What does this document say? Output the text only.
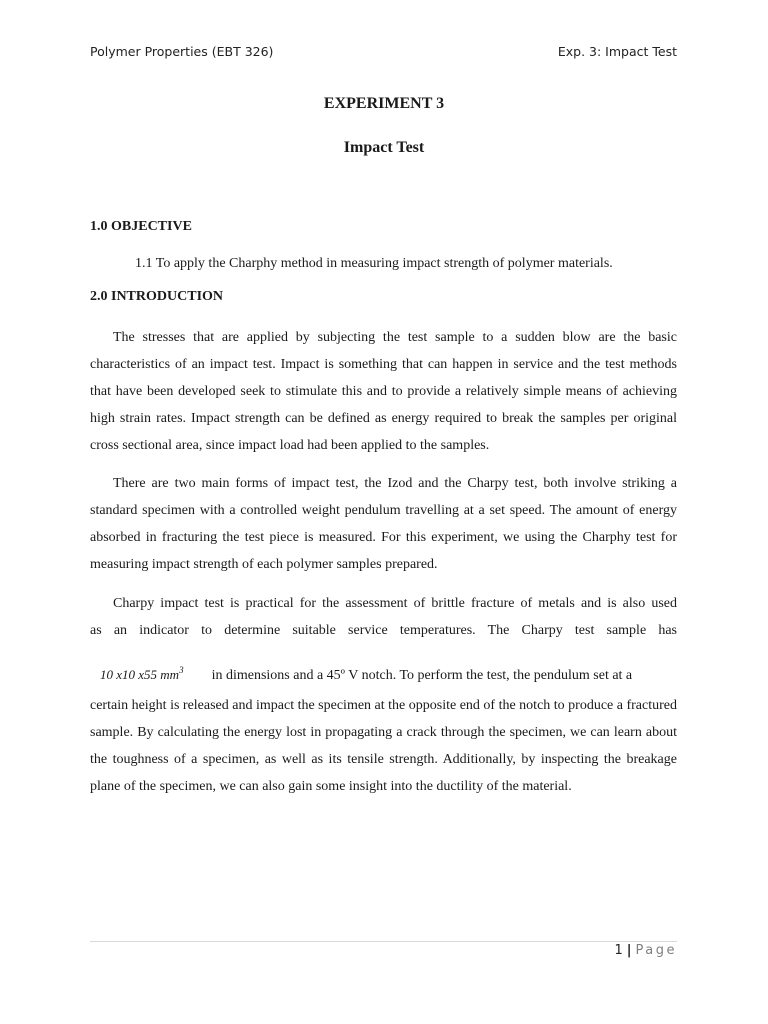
Polymer Properties (EBT 326)	Exp. 3: Impact Test
EXPERIMENT 3
Impact Test
1.0 OBJECTIVE
1.1 To apply the Charphy method in measuring impact strength of polymer materials.
2.0 INTRODUCTION

The stresses that are applied by subjecting the test sample to a sudden blow are the basic characteristics of an impact test. Impact is something that can happen in service and the test methods that have been developed seek to stimulate this and to provide a relatively simple means of achieving high strain rates. Impact strength can be defined as energy required to break the samples per original cross sectional area, since impact load had been applied to the samples.

There are two main forms of impact test, the Izod and the Charpy test, both involve striking a standard specimen with a controlled weight pendulum travelling at a set speed. The amount of energy absorbed in fracturing the test piece is measured. For this experiment, we using the Charphy test for measuring impact strength of each polymer samples prepared.

Charpy impact test is practical for the assessment of brittle fracture of metals and is also used
as an indicator to determine suitable service temperatures. The Charpy test sample has
10 x10 x55 $mm^3$ in dimensions and a 45º V notch. To perform the test, the pendulum set at a

certain height is released and impact the specimen at the opposite end of the notch to produce a fractured sample. By calculating the energy lost in propagating a crack through the specimen, we can learn about the toughness of a specimen, as well as its tensile strength. Additionally, by inspecting the breakage plane of the specimen, we can also gain some insight into the ductility of the material.

1 | Page
